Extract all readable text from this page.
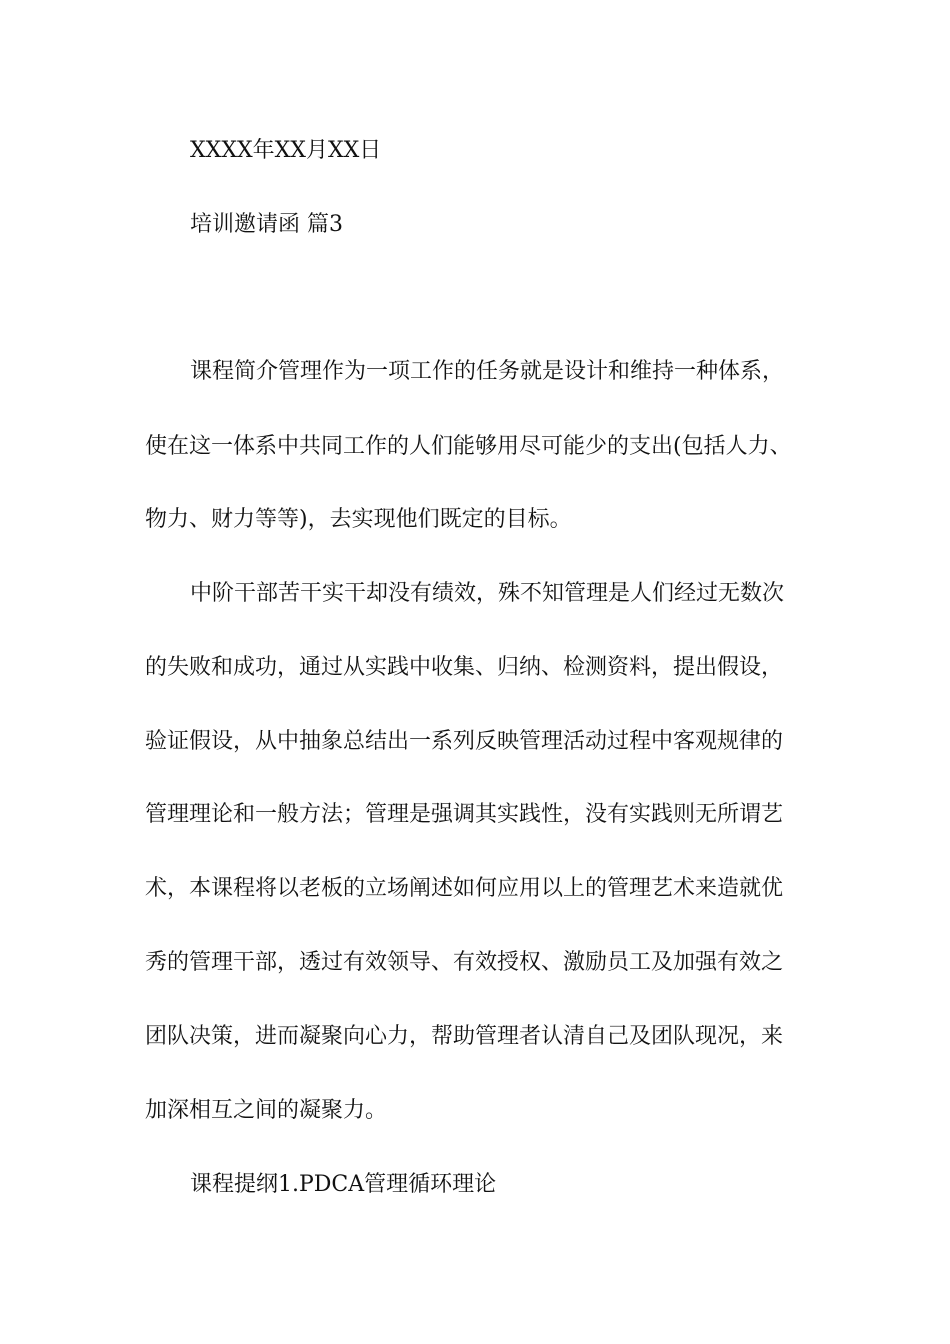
XXXX年XX月XX日
培训邀请函 篇3
课程简介管理作为一项工作的任务就是设计和维持一种体系，
使在这一体系中共同工作的人们能够用尽可能少的支出(包括人力、
物力、财力等等)，去实现他们既定的目标。
中阶干部苦干实干却没有绩效，殊不知管理是人们经过无数次
的失败和成功，通过从实践中收集、归纳、检测资料，提出假设，
验证假设，从中抽象总结出一系列反映管理活动过程中客观规律的
管理理论和一般方法；管理是强调其实践性，没有实践则无所谓艺
术，本课程将以老板的立场阐述如何应用以上的管理艺术来造就优
秀的管理干部，透过有效领导、有效授权、激励员工及加强有效之
团队决策，进而凝聚向心力，帮助管理者认清自己及团队现况，来
加深相互之间的凝聚力。
课程提纲1.PDCA管理循环理论
